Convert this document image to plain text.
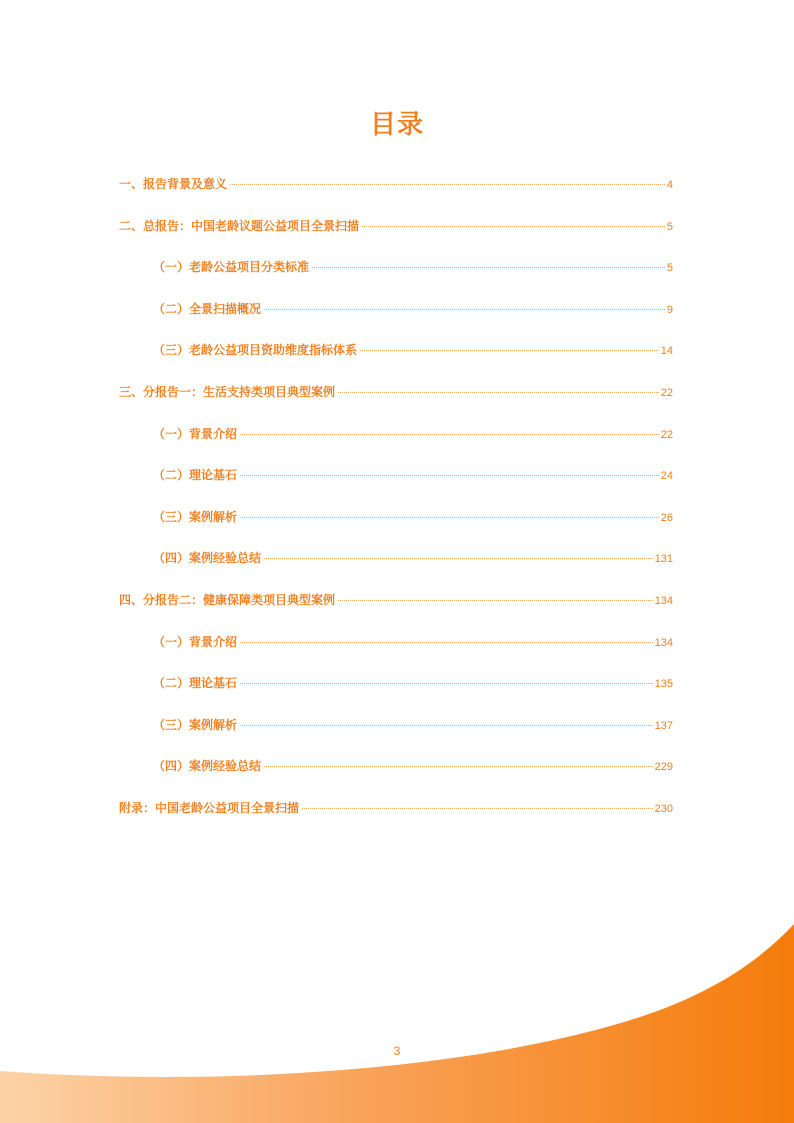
目录
一、报告背景及意义	4
二、总报告：中国老龄议题公益项目全景扫描	5
（一）老龄公益项目分类标准	5
（二）全景扫描概况	9
（三）老龄公益项目资助维度指标体系	14
三、分报告一：生活支持类项目典型案例	22
（一）背景介绍	22
（二）理论基石	24
（三）案例解析	26
（四）案例经验总结	131
四、分报告二：健康保障类项目典型案例	134
（一）背景介绍	134
（二）理论基石	135
（三）案例解析	137
（四）案例经验总结	229
附录：中国老龄公益项目全景扫描	230
3
